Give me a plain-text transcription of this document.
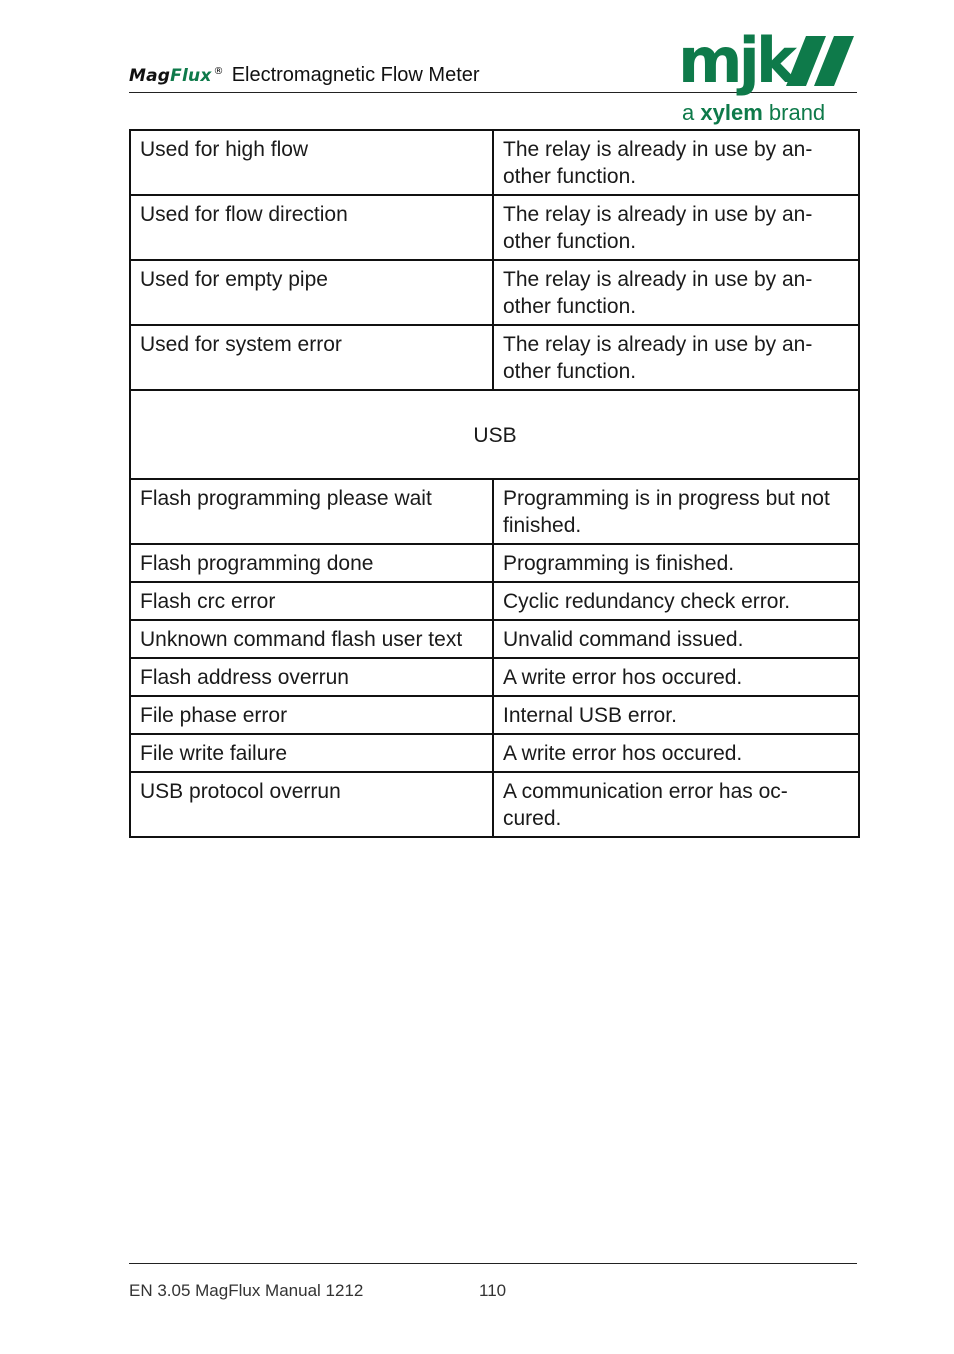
MagFlux ® Electromagnetic Flow Meter	mjk
a xylem brand
Used for high flow	The relay is already in use by an-
other function.
Used for flow direction	The relay is already in use by an-
other function.
Used for empty pipe	The relay is already in use by an-
other function.
Used for system error	The relay is already in use by an-
other function.
USB	
Flash programming please wait	Programming is in progress but not finished.
Flash programming done	Programming is finished.
Flash crc error	Cyclic redundancy check error.
Unknown command flash user text	Unvalid command issued.
Flash address overrun	A write error hos occured.
File phase error	Internal USB error.
File write failure	A write error hos occured.
USB protocol overrun	A communication error has oc-
cured.
EN 3.05 MagFlux Manual 1212	110
